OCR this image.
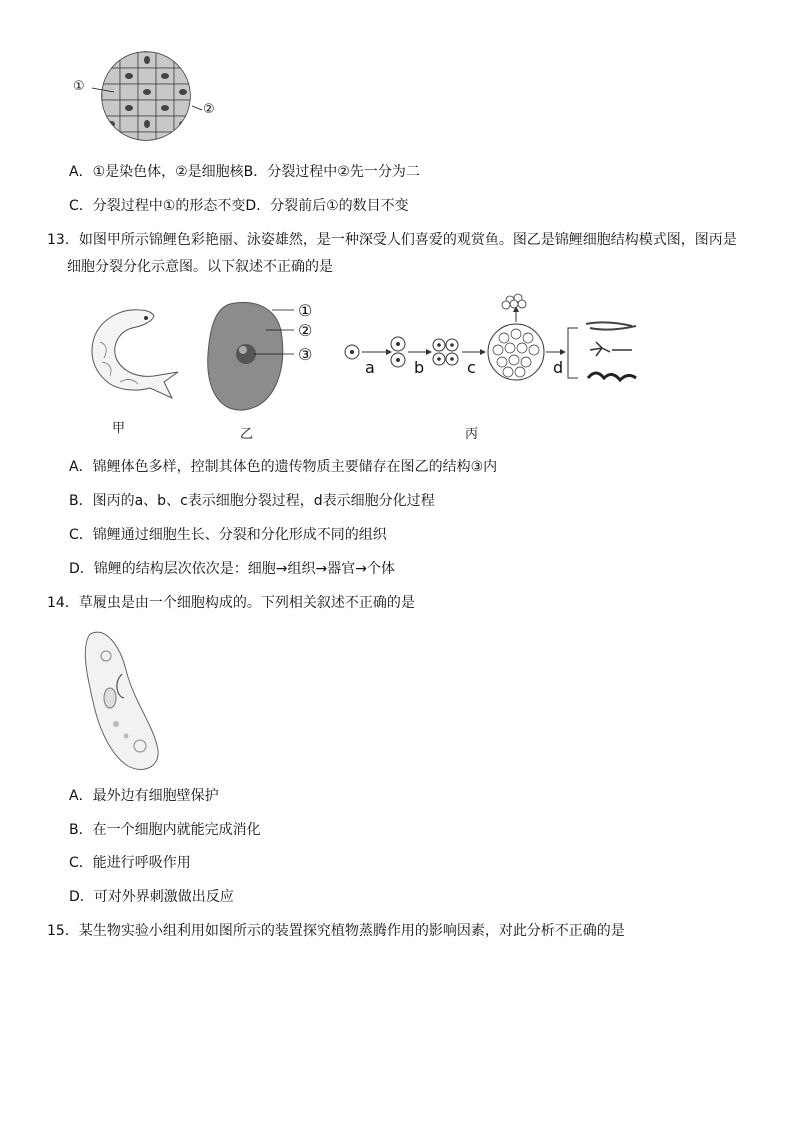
①
②
A．①是染色体，②是细胞核B．分裂过程中②先一分为二
C．分裂过程中①的形态不变D．分裂前后①的数目不变
13．如图甲所示锦鲤色彩艳丽、泳姿雄然，是一种深受人们喜爱的观赏鱼。图乙是锦鲤细胞结构模式图，图丙是
细胞分裂分化示意图。以下叙述不正确的是
甲
①
②
③
乙
a b	c	d
丙
A．锦鲤体色多样，控制其体色的遗传物质主要储存在图乙的结构③内
B．图丙的a、b、c表示细胞分裂过程，d表示细胞分化过程
C．锦鲤通过细胞生长、分裂和分化形成不同的组织
D．锦鲤的结构层次依次是：细胞→组织→器官→个体
14．草履虫是由一个细胞构成的。下列相关叙述不正确的是
A．最外边有细胞壁保护
B．在一个细胞内就能完成消化
C．能进行呼吸作用
D．可对外界刺激做出反应
15．某生物实验小组利用如图所示的装置探究植物蒸腾作用的影响因素，对此分析不正确的是
